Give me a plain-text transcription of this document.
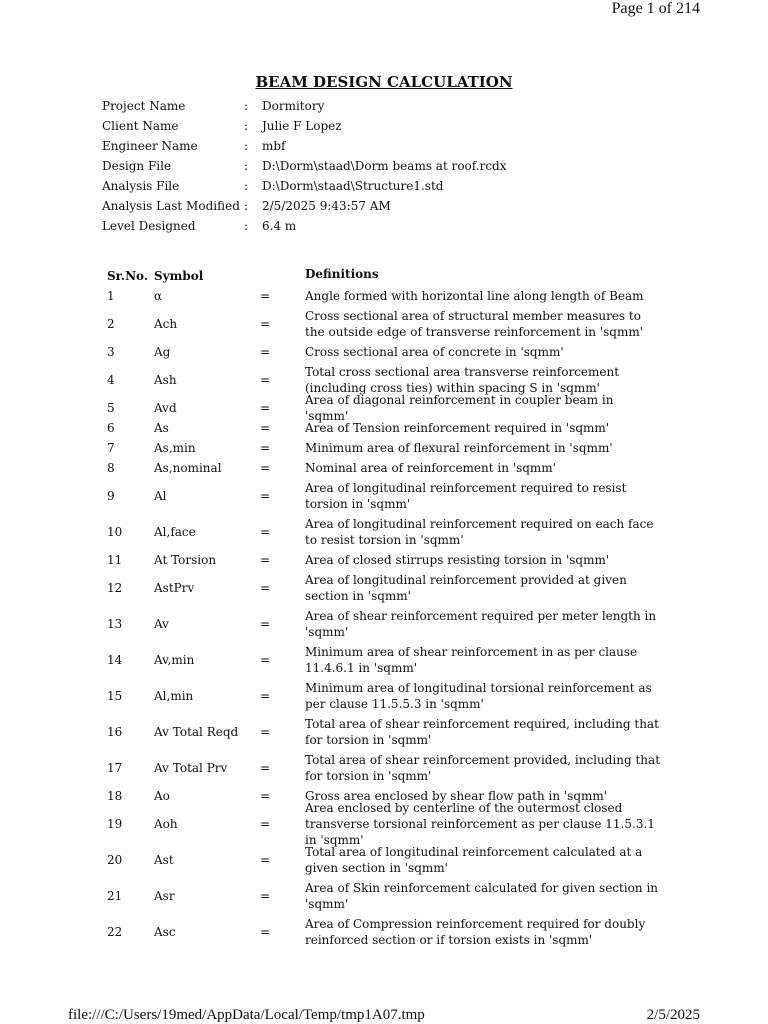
Page 1 of 214
BEAM DESIGN CALCULATION
Project Name	:	Dormitory
Client Name	:	Julie F Lopez
Engineer Name	:	mbf
Design File	:	D:\Dorm\staad\Dorm beams at roof.rcdx
Analysis File	:	D:\Dorm\staad\Structure1.std
Analysis Last Modified :	2/5/2025 9:43:57 AM
Level Designed	:	6.4 m
Sr.No. Symbol	Definitions
1	α	=	Angle formed with horizontal line along length of Beam
2	Ach	=
Cross sectional area of structural member measures to the outside edge of transverse reinforcement in 'sqmm'
3	Ag	=	Cross sectional area of concrete in 'sqmm'
4	Ash	=
Total cross sectional area transverse reinforcement (including cross ties) within spacing S in 'sqmm'
5	Avd	=
Area of diagonal reinforcement in coupler beam in 'sqmm'
6	As	=	Area of Tension reinforcement required in 'sqmm'
7	As,min	=	Minimum area of flexural reinforcement in 'sqmm'
8	As,nominal	=	Nominal area of reinforcement in 'sqmm'
9	Al	=
Area of longitudinal reinforcement required to resist torsion in 'sqmm'
10	Al,face	=
Area of longitudinal reinforcement required on each face to resist torsion in 'sqmm'
11	At Torsion	=	Area of closed stirrups resisting torsion in 'sqmm'
12	AstPrv	=
Area of longitudinal reinforcement provided at given section in 'sqmm'
13	Av	=
Area of shear reinforcement required per meter length in 'sqmm'
14	Av,min	=
Minimum area of shear reinforcement in as per clause 11.4.6.1 in 'sqmm'
15	Al,min	=
Minimum area of longitudinal torsional reinforcement as per clause 11.5.5.3 in 'sqmm'
16	Av Total Reqd	=
Total area of shear reinforcement required, including that for torsion in 'sqmm'
17	Av Total Prv	=
Total area of shear reinforcement provided, including that for torsion in 'sqmm'
18	Ao	=	Gross area enclosed by shear flow path in 'sqmm'
19	Aoh	=
Area enclosed by centerline of the outermost closed transverse torsional reinforcement as per clause 11.5.3.1 in 'sqmm'
20	Ast	=
Total area of longitudinal reinforcement calculated at a given section in 'sqmm'
21	Asr	=
Area of Skin reinforcement calculated for given section in 'sqmm'
22	Asc	=
Area of Compression reinforcement required for doubly reinforced section or if torsion exists in 'sqmm'
file:///C:/Users/19med/AppData/Local/Temp/tmp1A07.tmp	2/5/2025
